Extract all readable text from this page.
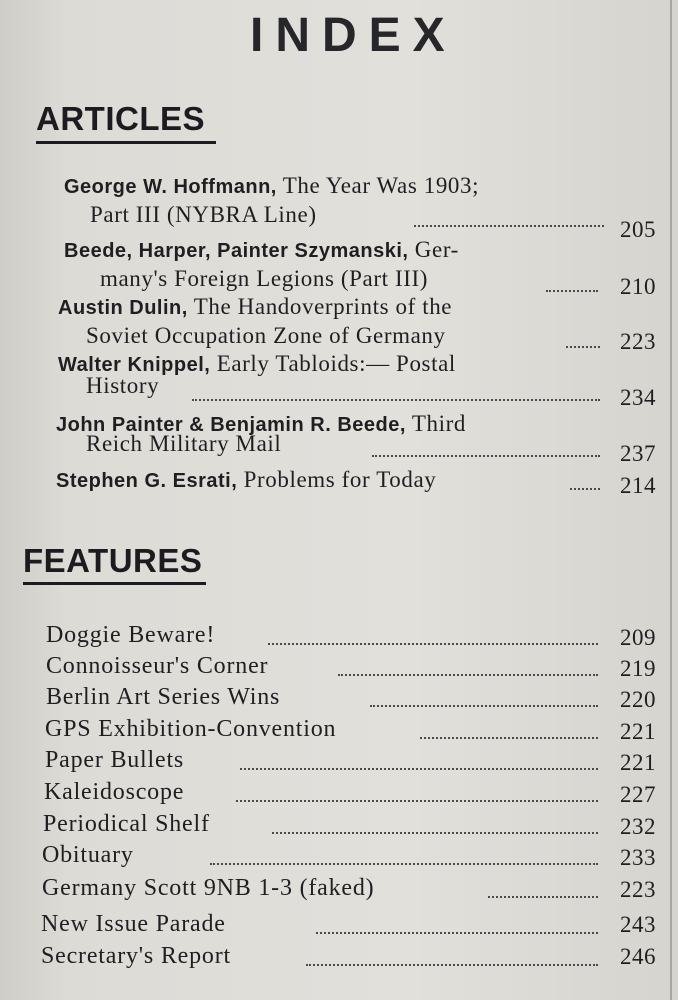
INDEX
ARTICLES
George W. Hoffmann, The Year Was 1903;
Part III (NYBRA Line)
205
Beede, Harper, Painter Szymanski, Ger-
many's Foreign Legions (Part III)	210
Austin Dulin, The Handoverprints of the
Soviet Occupation Zone of Germany	223
Walter Knippel, Early Tabloids:— Postal
History	234
John Painter & Benjamin R. Beede, Third
Reich Military Mail	237
Stephen G. Esrati, Problems for Today	214
FEATURES
Doggie Beware!	209
Connoisseur's Corner	219
Berlin Art Series Wins	220
GPS Exhibition-Convention	221
Paper Bullets	221
Kaleidoscope	227
Periodical Shelf	232
Obituary	233
Germany Scott 9NB 1-3 (faked)	223
New Issue Parade	243
Secretary's Report	246
